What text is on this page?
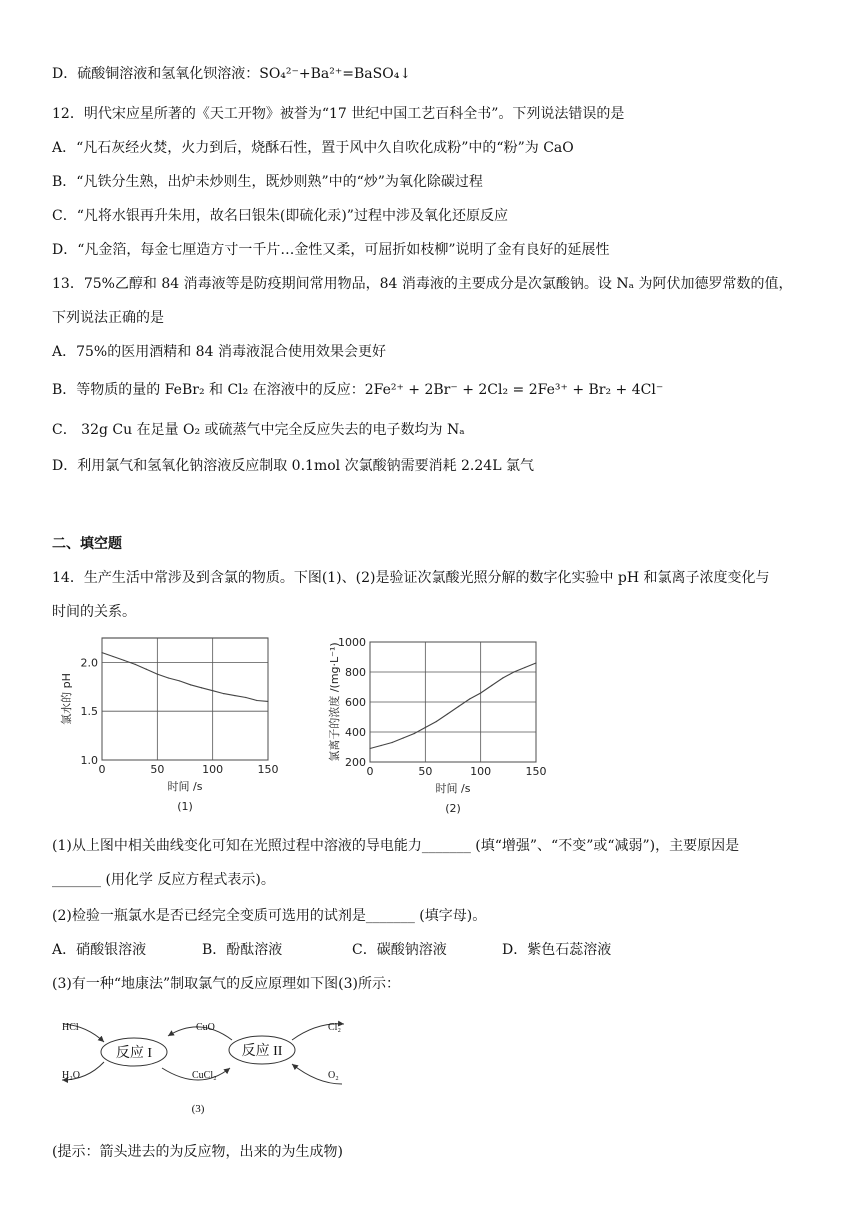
D．硫酸铜溶液和氢氧化钡溶液：SO₄²⁻+Ba²⁺=BaSO₄↓
12．明代宋应星所著的《天工开物》被誉为“17 世纪中国工艺百科全书”。下列说法错误的是
A．“凡石灰经火焚，火力到后，烧酥石性，置于风中久自吹化成粉”中的“粉”为 CaO
B．“凡铁分生熟，出炉未炒则生，既炒则熟”中的“炒”为氧化除碳过程
C．“凡将水银再升朱用，故名曰银朱(即硫化汞)”过程中涉及氧化还原反应
D．“凡金箔，每金七厘造方寸一千片…金性又柔，可屈折如枝柳”说明了金有良好的延展性
13．75%乙醇和 84 消毒液等是防疫期间常用物品，84 消毒液的主要成分是次氯酸钠。设 Nₐ 为阿伏加德罗常数的值，
下列说法正确的是
A．75%的医用酒精和 84 消毒液混合使用效果会更好
B．等物质的量的 FeBr₂ 和 Cl₂ 在溶液中的反应：2Fe²⁺ + 2Br⁻ + 2Cl₂ = 2Fe³⁺ + Br₂ + 4Cl⁻
C． 32g Cu 在足量 O₂ 或硫蒸气中完全反应失去的电子数均为 Nₐ
D．利用氯气和氢氧化钠溶液反应制取 0.1mol 次氯酸钠需要消耗 2.24L 氯气
二、填空题
14．生产生活中常涉及到含氯的物质。下图(1)、(2)是验证次氯酸光照分解的数字化实验中 pH 和氯离子浓度变化与
时间的关系。
0	50	100	150
1.0
1.5
2.0
时间 /s
氯水的 pH
(1)
0	50	100	150
200
400
600
800
1000
时间 /s
氯离子的浓度 /(mg·L⁻¹)
(2)
(1)从上图中相关曲线变化可知在光照过程中溶液的导电能力_______ (填“增强”、“不变”或“减弱”)，主要原因是
_______ (用化学 反应方程式表示)。
(2)检验一瓶氯水是否已经完全变质可选用的试剂是_______ (填字母)。
A．硝酸银溶液	B．酚酞溶液	C．碳酸钠溶液	D．紫色石蕊溶液
(3)有一种“地康法”制取氯气的反应原理如下图(3)所示：
反应 I	反应 II
HCl
H₂O
CuO
CuCl₂
Cl₂
O₂
(3)
(提示：箭头进去的为反应物，出来的为生成物)
